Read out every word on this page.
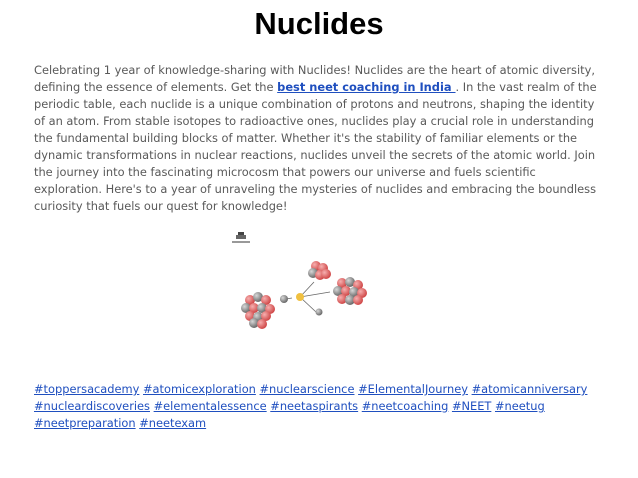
Nuclides

Celebrating 1 year of knowledge-sharing with Nuclides! Nuclides are the heart of atomic diversity, defining the essence of elements. Get the best neet coaching in India . In the vast realm of the periodic table, each nuclide is a unique combination of protons and neutrons, shaping the identity of an atom. From stable isotopes to radioactive ones, nuclides play a crucial role in understanding the fundamental building blocks of matter. Whether it's the stability of familiar elements or the dynamic transformations in nuclear reactions, nuclides unveil the secrets of the atomic world. Join the journey into the fascinating microcosm that powers our universe and fuels scientific exploration. Here's to a year of unraveling the mysteries of nuclides and embracing the boundless curiosity that fuels our quest for knowledge!

#toppersacademy #atomicexploration #nuclearscience #ElementalJourney #atomicanniversary #nucleardiscoveries #elementalessence #neetaspirants #neetcoaching #NEET #neetug #neetpreparation #neetexam
